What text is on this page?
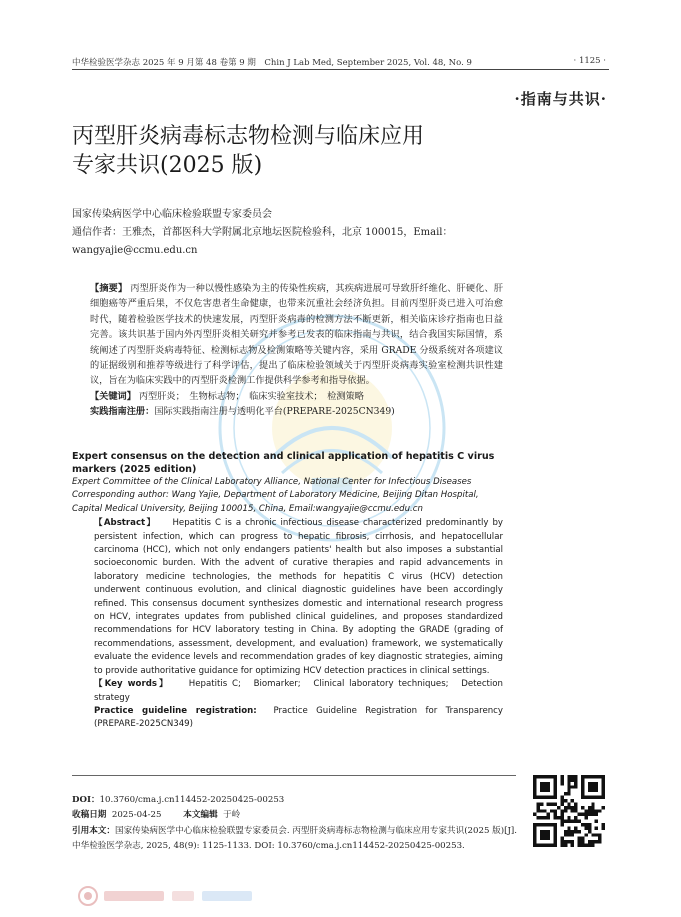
中华检验医学杂志 2025 年 9 月第 48 卷第 9 期　Chin J Lab Med, September 2025, Vol. 48, No. 9	· 1125 ·
·指南与共识·
丙型肝炎病毒标志物检测与临床应用
专家共识(2025 版)
国家传染病医学中心临床检验联盟专家委员会
通信作者：王雅杰，首都医科大学附属北京地坛医院检验科，北京 100015，Email：
wangyajie@ccmu.edu.cn
【摘要】 丙型肝炎作为一种以慢性感染为主的传染性疾病，其疾病进展可导致肝纤维化、肝硬化、肝细胞癌等严重后果，不仅危害患者生命健康，也带来沉重社会经济负担。目前丙型肝炎已进入可治愈时代，随着检验医学技术的快速发展，丙型肝炎病毒的检测方法不断更新，相关临床诊疗指南也日益完善。该共识基于国内外丙型肝炎相关研究并参考已发表的临床指南与共识，结合我国实际国情，系统阐述了丙型肝炎病毒特征、检测标志物及检测策略等关键内容，采用 GRADE 分级系统对各项建议的证据级别和推荐等级进行了科学评估，提出了临床检验领域关于丙型肝炎病毒实验室检测共识性建议，旨在为临床实践中的丙型肝炎检测工作提供科学参考和指导依据。
【关键词】 丙型肝炎；　生物标志物；　临床实验室技术；　检测策略
实践指南注册：国际实践指南注册与透明化平台(PREPARE-2025CN349)
Expert consensus on the detection and clinical application of hepatitis C virus markers (2025 edition)
Expert Committee of the Clinical Laboratory Alliance, National Center for Infectious Diseases
Corresponding author: Wang Yajie, Department of Laboratory Medicine, Beijing Ditan Hospital, Capital Medical University, Beijing 100015, China, Email:wangyajie@ccmu.edu.cn
【Abstract】 Hepatitis C is a chronic infectious disease characterized predominantly by persistent infection, which can progress to hepatic fibrosis, cirrhosis, and hepatocellular carcinoma (HCC), which not only endangers patients' health but also imposes a substantial socioeconomic burden. With the advent of curative therapies and rapid advancements in laboratory medicine technologies, the methods for hepatitis C virus (HCV) detection underwent continuous evolution, and clinical diagnostic guidelines have been accordingly refined. This consensus document synthesizes domestic and international research progress on HCV, integrates updates from published clinical guidelines, and proposes standardized recommendations for HCV laboratory testing in China. By adopting the GRADE (grading of recommendations, assessment, development, and evaluation) framework, we systematically evaluate the evidence levels and recommendation grades of key diagnostic strategies, aiming to provide authoritative guidance for optimizing HCV detection practices in clinical settings.
【Key words】 Hepatitis C;　Biomarker;　Clinical laboratory techniques;　Detection strategy
Practice guideline registration: Practice Guideline Registration for Transparency (PREPARE-2025CN349)
DOI：10.3760/cma.j.cn114452-20250425-00253
收稿日期 2025-04-25	本文编辑 于岭
引用本文：国家传染病医学中心临床检验联盟专家委员会. 丙型肝炎病毒标志物检测与临床应用专家共识(2025 版)[J]. 中华检验医学杂志, 2025, 48(9): 1125-1133. DOI: 10.3760/cma.j.cn114452-20250425-00253.
